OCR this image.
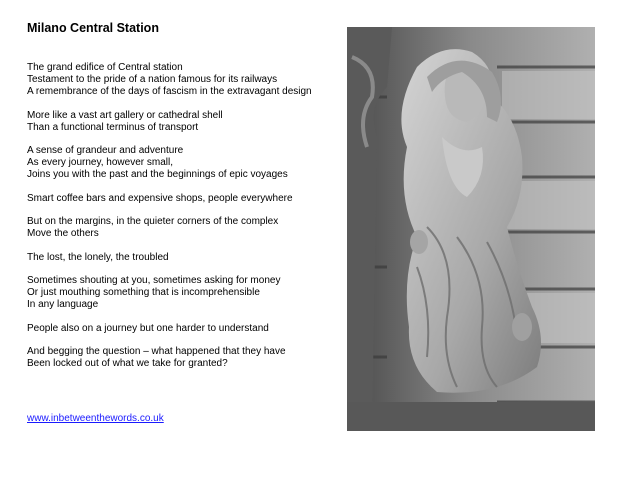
Milano Central Station

The grand edifice of Central station
Testament to the pride of a nation famous for its railways
A remembrance of the days of fascism in the extravagant design

More like a vast art gallery or cathedral shell
Than a functional terminus of transport

A sense of grandeur and adventure
As every journey, however small,
Joins you with the past and the beginnings of epic voyages

Smart coffee bars and expensive shops, people everywhere

But on the margins, in the quieter corners of the complex
Move the others

The lost, the lonely, the troubled

Sometimes shouting at you, sometimes asking for money
Or just mouthing something that is incomprehensible
In any language

People also on a journey but one harder to understand

And begging the question – what happened that they have
Been locked out of what we take for granted?

www.inbetweenthewords.co.uk
